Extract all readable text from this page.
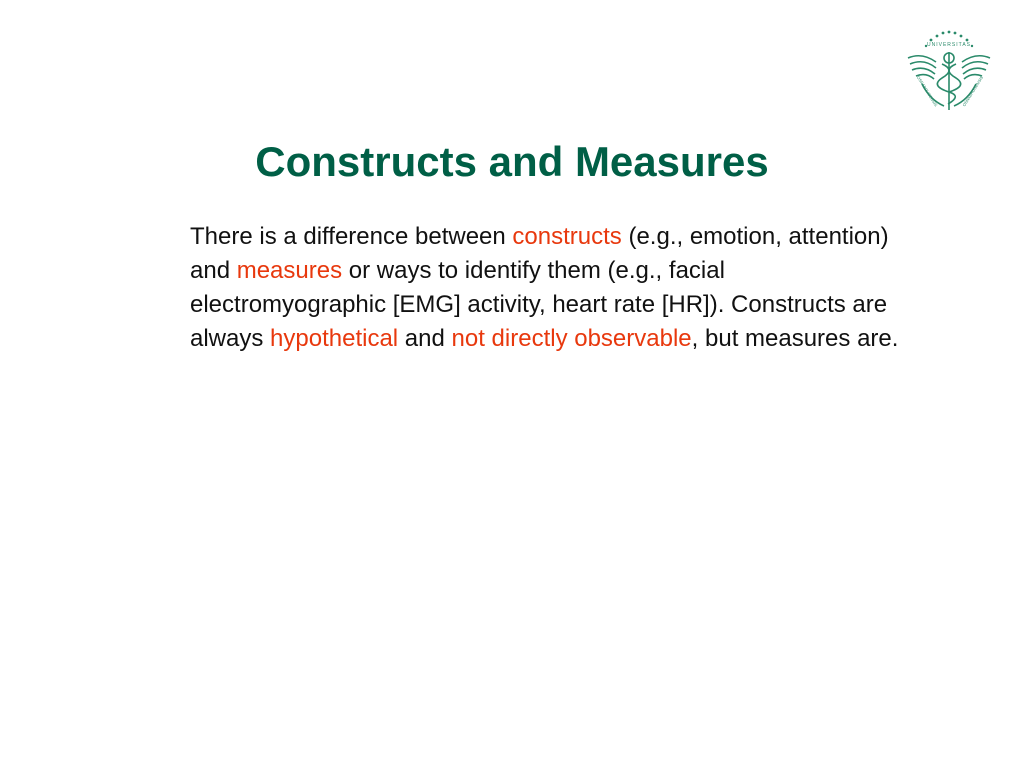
UNIVERSITAS
OSNABRUGENSIS	OSNABRUGENSIS
Constructs and Measures

There is a difference between constructs (e.g., emotion, attention) and measures or ways to identify them (e.g., facial electromyographic [EMG] activity, heart rate [HR]). Constructs are always hypothetical and not directly observable, but measures are.
